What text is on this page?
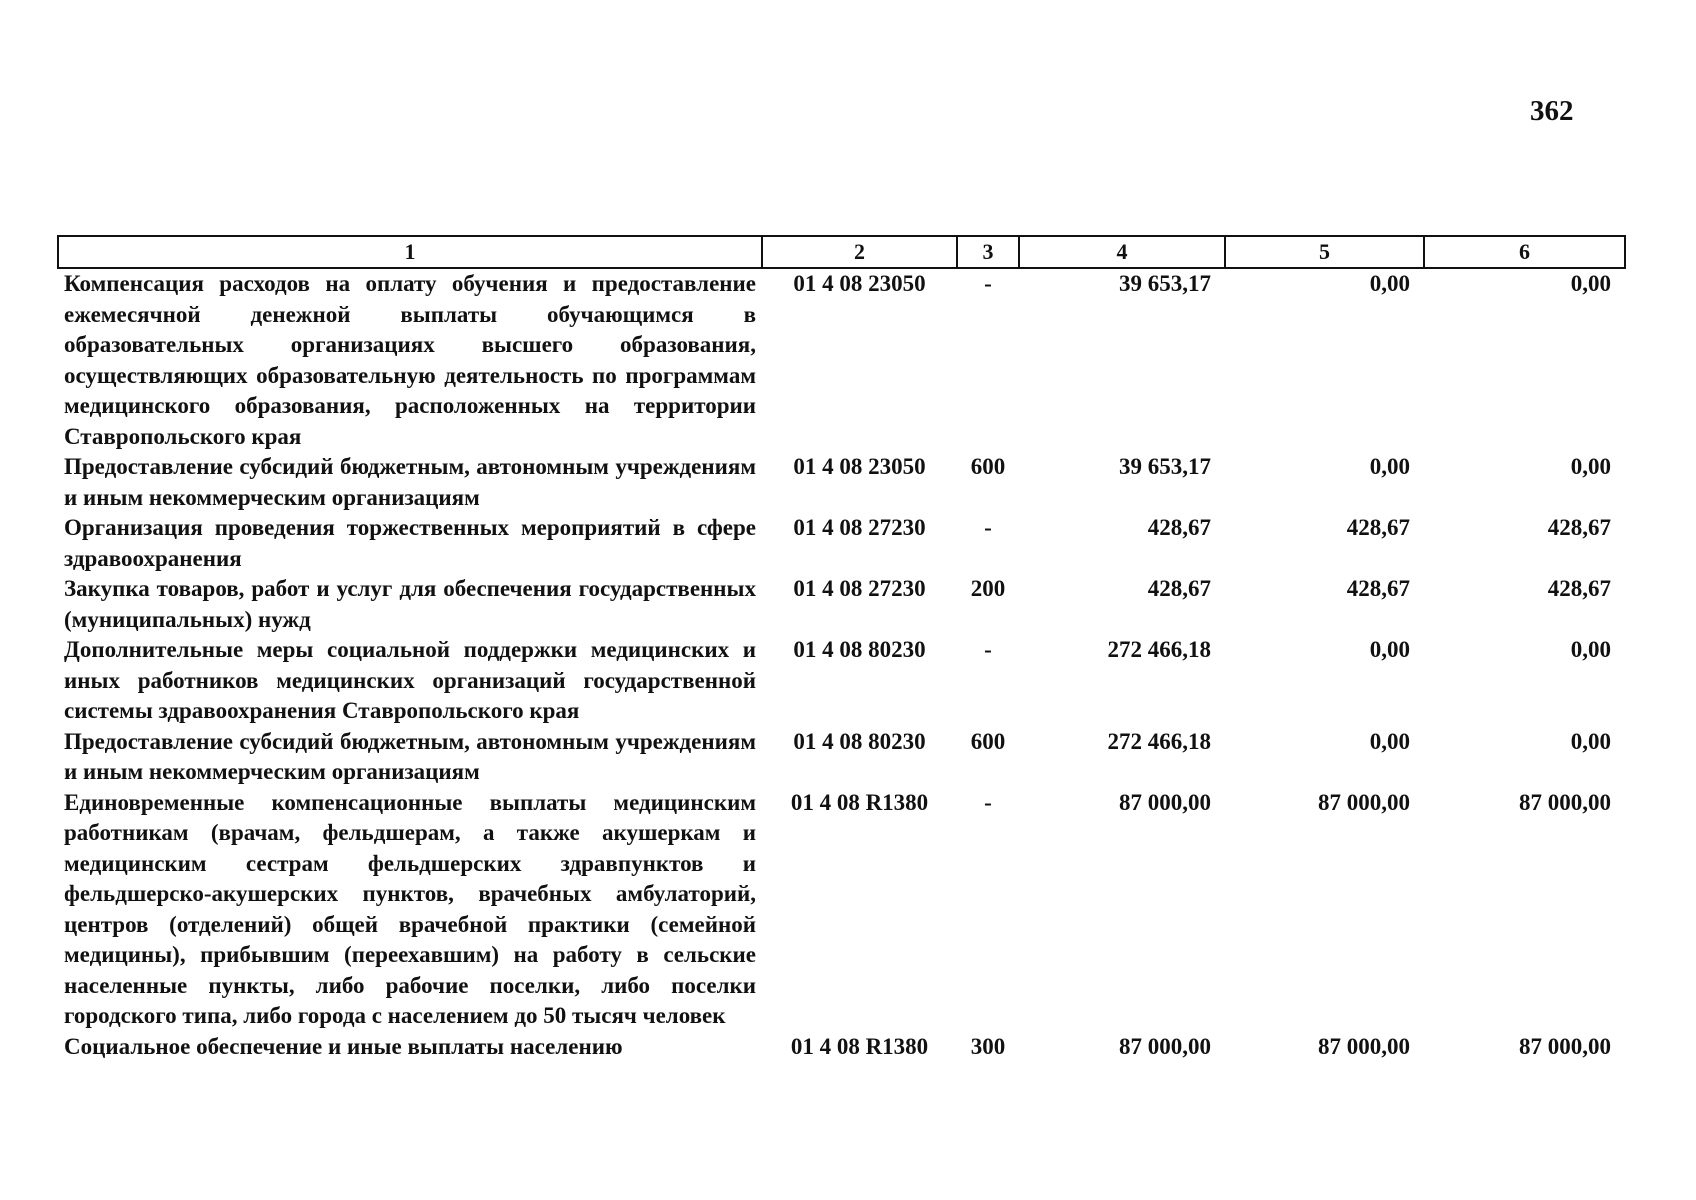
362
1	2	3	4	5	6
Компенсация расходов на оплату обучения и предоставление ежемесячной денежной выплаты обучающимся в образовательных организациях высшего образования, осуществляющих образовательную деятельность по программам медицинского образования, расположенных на территории Ставропольского края	01 4 08 23050	-	39 653,17	0,00	0,00
Предоставление субсидий бюджетным, автономным учреждениям и иным некоммерческим организациям	01 4 08 23050	600	39 653,17	0,00	0,00
Организация проведения торжественных мероприятий в сфере здравоохранения	01 4 08 27230	-	428,67	428,67	428,67
Закупка товаров, работ и услуг для обеспечения государственных (муниципальных) нужд	01 4 08 27230	200	428,67	428,67	428,67
Дополнительные меры социальной поддержки медицинских и иных работников медицинских организаций государственной системы здравоохранения Ставропольского края	01 4 08 80230	-	272 466,18	0,00	0,00
Предоставление субсидий бюджетным, автономным учреждениям и иным некоммерческим организациям	01 4 08 80230	600	272 466,18	0,00	0,00
Единовременные компенсационные выплаты медицинским работникам (врачам, фельдшерам, а также акушеркам и медицинским сестрам фельдшерских здравпунктов и фельдшерско-акушерских пунктов, врачебных амбулаторий, центров (отделений) общей врачебной практики (семейной медицины), прибывшим (переехавшим) на работу в сельские населенные пункты, либо рабочие поселки, либо поселки городского типа, либо города с населением до 50 тысяч человек	01 4 08 R1380	-	87 000,00	87 000,00	87 000,00
Социальное обеспечение и иные выплаты населению	01 4 08 R1380	300	87 000,00	87 000,00	87 000,00
